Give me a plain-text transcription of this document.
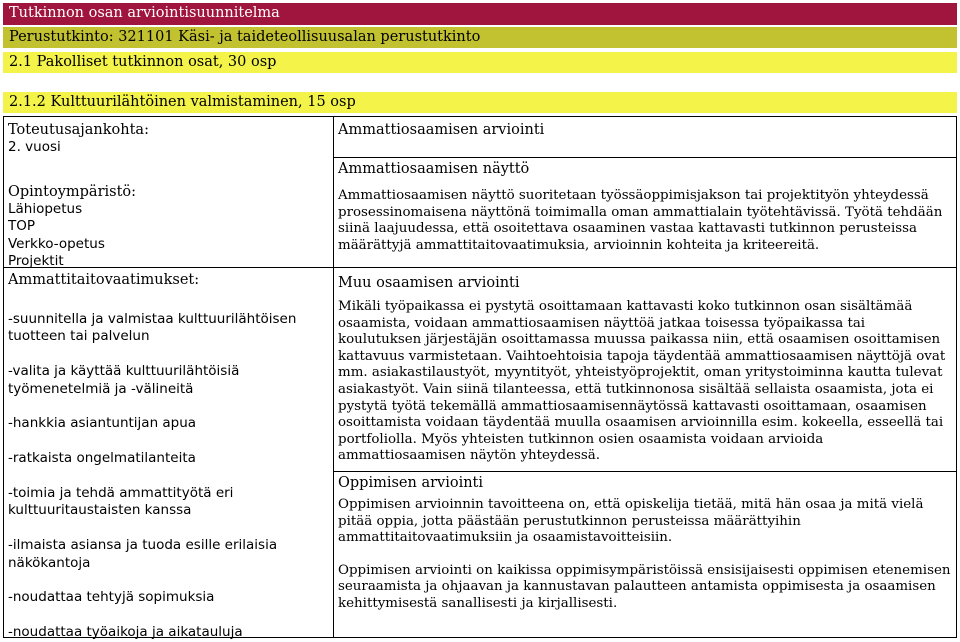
Tutkinnon osan arviointisuunnitelma
Perustutkinto: 321101 Käsi- ja taideteollisuusalan perustutkinto
2.1 Pakolliset tutkinnon osat, 30 osp
2.1.2 Kulttuurilähtöinen valmistaminen, 15 osp
Toteutusajankohta:
2. vuosi
Opintoympäristö:
Lähiopetus
TOP
Verkko-opetus
Projektit
Ammattitaitovaatimukset:
-suunnitella ja valmistaa kulttuurilähtöisen tuotteen tai palvelun
-valita ja käyttää kulttuurilähtöisiä työmenetelmiä ja -välineitä
-hankkia asiantuntijan apua
-ratkaista ongelmatilanteita
-toimia ja tehdä ammattityötä eri kulttuuritaustaisten kanssa
-ilmaista asiansa ja tuoda esille erilaisia näkökantoja
-noudattaa tehtyjä sopimuksia
-noudattaa työaikoja ja aikatauluja
Ammattiosaamisen arviointi
Ammattiosaamisen näyttö

Ammattiosaamisen näyttö suoritetaan työssäoppimisjakson tai projektityön yhteydessä prosessinomaisena näyttönä toimimalla oman ammattialain työtehtävissä. Työtä tehdään siinä laajuudessa, että osoitettava osaaminen vastaa kattavasti tutkinnon perusteissa määrättyjä ammattitaitovaatimuksia, arvioinnin kohteita ja kriteereitä.

Muu osaamisen arviointi

Mikäli työpaikassa ei pystytä osoittamaan kattavasti koko tutkinnon osan sisältämää osaamista, voidaan ammattiosaamisen näyttöä jatkaa toisessa työpaikassa tai koulutuksen järjestäjän osoittamassa muussa paikassa niin, että osaamisen osoittamisen kattavuus varmistetaan. Vaihtoehtoisia tapoja täydentää ammattiosaamisen näyttöjä ovat mm. asiakastilaustyöt, myyntityöt, yhteistyöprojektit, oman yritystoiminna kautta tulevat asiakastyöt. Vain siinä tilanteessa, että tutkinnonosa sisältää sellaista osaamista, jota ei pystytä työtä tekemällä ammattiosaamisennäytössä kattavasti osoittamaan, osaamisen osoittamista voidaan täydentää muulla osaamisen arvioinnilla esim. kokeella, esseellä tai portfoliolla. Myös yhteisten tutkinnon osien osaamista voidaan arvioida ammattiosaamisen näytön yhteydessä.

Oppimisen arviointi

Oppimisen arvioinnin tavoitteena on, että opiskelija tietää, mitä hän osaa ja mitä vielä pitää oppia, jotta päästään perustutkinnon perusteissa määrättyihin ammattitaitovaatimuksiin ja osaamistavoitteisiin.

Oppimisen arviointi on kaikissa oppimisympäristöissä ensisijaisesti oppimisen etenemisen seuraamista ja ohjaavan ja kannustavan palautteen antamista oppimisesta ja osaamisen kehittymisestä sanallisesti ja kirjallisesti.
